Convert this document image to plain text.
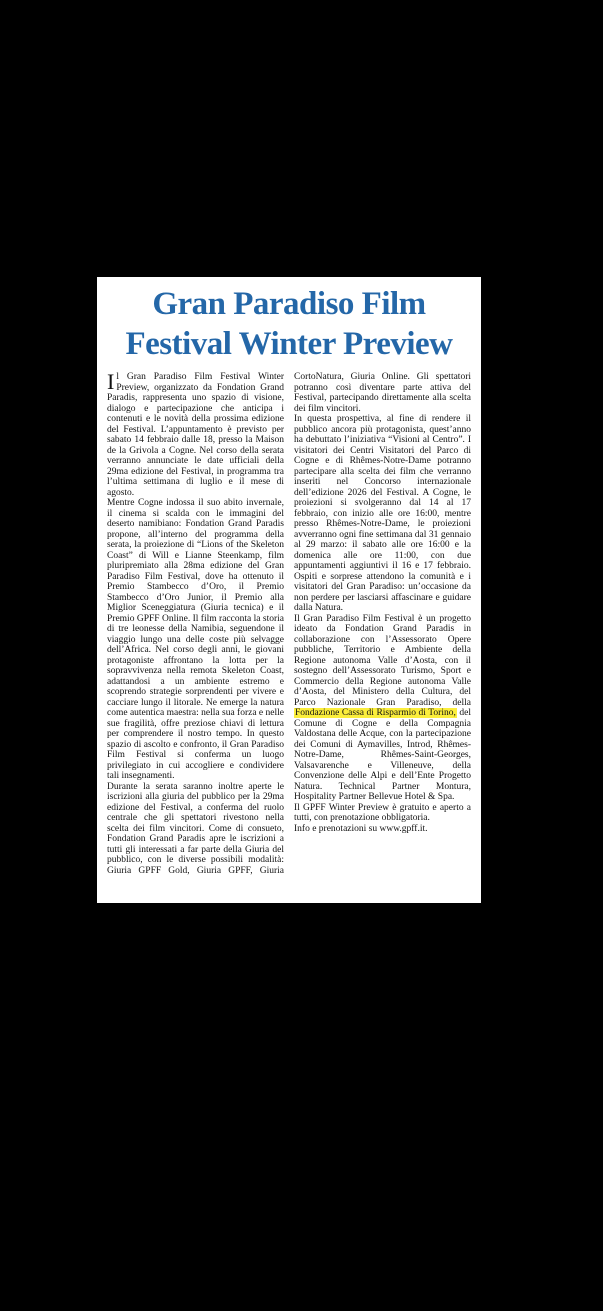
Gran Paradiso Film
Festival Winter Preview

Il Gran Paradiso Film Festival Winter Preview, organizzato da Fondation Grand Paradis, rappresenta uno spazio di visione, dialogo e partecipazione che anticipa i contenuti e le novità della prossima edizione del Festival. L’appuntamento è previsto per sabato 14 febbraio dalle 18, presso la Maison de la Grivola a Cogne. Nel corso della serata verranno annunciate le date ufficiali della 29ma edizione del Festival, in programma tra l’ultima settimana di luglio e il mese di agosto.

Mentre Cogne indossa il suo abito invernale, il cinema si scalda con le immagini del deserto namibiano: Fondation Grand Paradis propone, all’interno del programma della serata, la proiezione di “Lions of the Skeleton Coast” di Will e Lianne Steenkamp, film pluripremiato alla 28ma edizione del Gran Paradiso Film Festival, dove ha ottenuto il Premio Stambecco d’Oro, il Premio Stambecco d’Oro Junior, il Premio alla Miglior Sceneggiatura (Giuria tecnica) e il Premio GPFF Online. Il film racconta la storia di tre leonesse della Namibia, seguendone il viaggio lungo una delle coste più selvagge dell’Africa. Nel corso degli anni, le giovani protagoniste affrontano la lotta per la sopravvivenza nella remota Skeleton Coast, adattandosi a un ambiente estremo e scoprendo strategie sorprendenti per vivere e cacciare lungo il litorale. Ne emerge la natura come autentica maestra: nella sua forza e nelle sue fragilità, offre preziose chiavi di lettura per comprendere il nostro tempo. In questo spazio di ascolto e confronto, il Gran Paradiso Film Festival si conferma un luogo privilegiato in cui accogliere e condividere tali insegnamenti.

Durante la serata saranno inoltre aperte le iscrizioni alla giuria del pubblico per la 29ma edizione del Festival, a conferma del ruolo centrale che gli spettatori rivestono nella scelta dei film vincitori. Come di consueto, Fondation Grand Paradis apre le iscrizioni a tutti gli interessati a far parte della Giuria del pubblico, con le diverse possibili modalità: Giuria GPFF Gold, Giuria GPFF, Giuria CortoNatura, Giuria Online. Gli spettatori potranno così diventare parte attiva del Festival, partecipando direttamente alla scelta dei film vincitori.

In questa prospettiva, al fine di rendere il pubblico ancora più protagonista, quest’anno ha debuttato l’iniziativa “Visioni al Centro”. I visitatori dei Centri Visitatori del Parco di Cogne e di Rhêmes-Notre-Dame potranno partecipare alla scelta dei film che verranno inseriti nel Concorso internazionale dell’edizione 2026 del Festival. A Cogne, le proiezioni si svolgeranno dal 14 al 17 febbraio, con inizio alle ore 16:00, mentre presso Rhêmes-Notre-Dame, le proiezioni avverranno ogni fine settimana dal 31 gennaio al 29 marzo: il sabato alle ore 16:00 e la domenica alle ore 11:00, con due appuntamenti aggiuntivi il 16 e 17 febbraio. Ospiti e sorprese attendono la comunità e i visitatori del Gran Paradiso: un’occasione da non perdere per lasciarsi affascinare e guidare dalla Natura.

Il Gran Paradiso Film Festival è un progetto ideato da Fondation Grand Paradis in collaborazione con l’Assessorato Opere pubbliche, Territorio e Ambiente della Regione autonoma Valle d’Aosta, con il sostegno dell’Assessorato Turismo, Sport e Commercio della Regione autonoma Valle d’Aosta, del Ministero della Cultura, del Parco Nazionale Gran Paradiso, della Fondazione Cassa di Risparmio di Torino, del Comune di Cogne e della Compagnia Valdostana delle Acque, con la partecipazione dei Comuni di Aymavilles, Introd, Rhêmes-Notre-Dame, Rhêmes-Saint-Georges, Valsavarenche e Villeneuve, della Convenzione delle Alpi e dell’Ente Progetto Natura. Technical Partner Montura, Hospitality Partner Bellevue Hotel & Spa.

Il GPFF Winter Preview è gratuito e aperto a tutti, con prenotazione obbligatoria.

Info e prenotazioni su www.gpff.it.
